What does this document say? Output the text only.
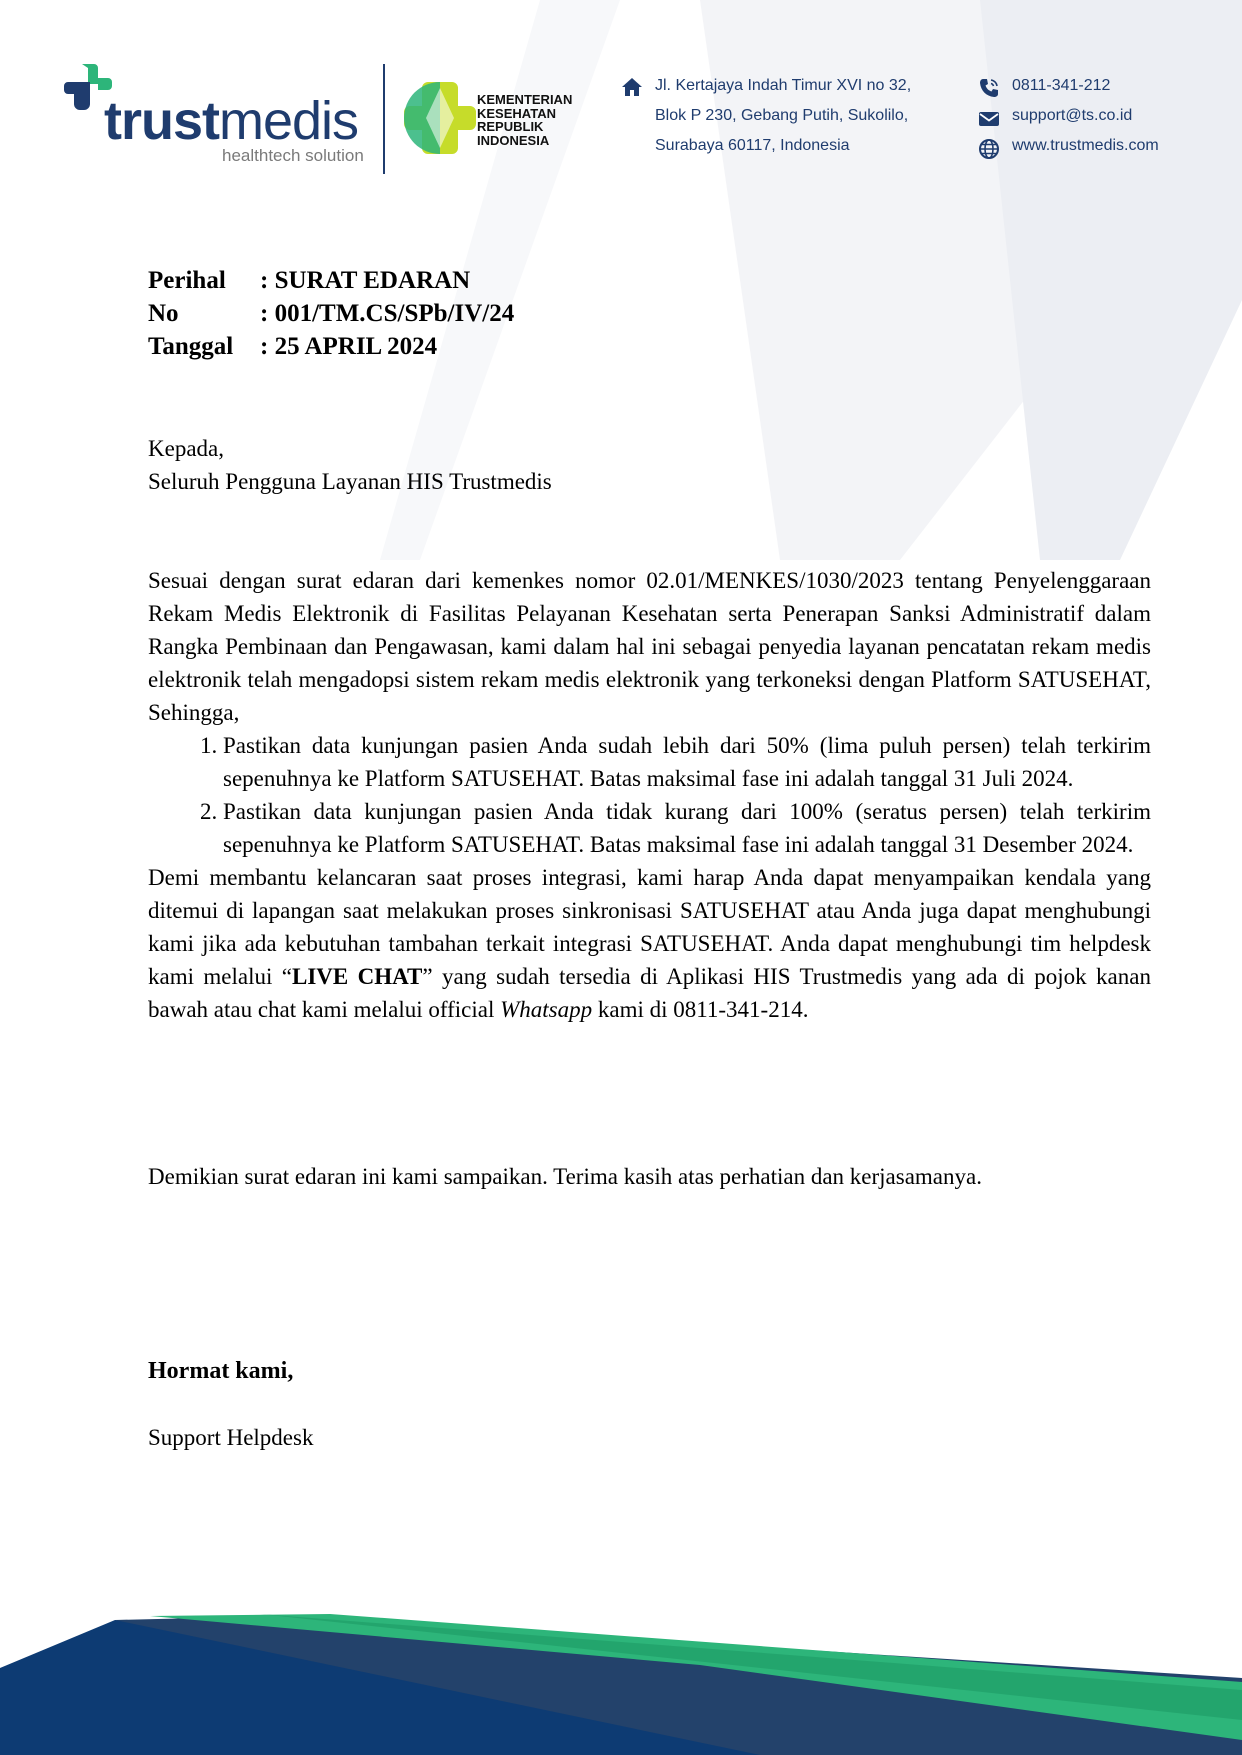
trustmedis
healthtech solution
KEMENTERIAN
KESEHATAN
REPUBLIK
INDONESIA
Jl. Kertajaya Indah Timur XVI no 32,
Blok P 230, Gebang Putih, Sukolilo,
Surabaya 60117, Indonesia
0811-341-212
support@ts.co.id
www.trustmedis.com
Perihal	: SURAT EDARAN
No	: 001/TM.CS/SPb/IV/24
Tanggal	: 25 APRIL 2024
Kepada,
Seluruh Pengguna Layanan HIS Trustmedis

Sesuai dengan surat edaran dari kemenkes nomor 02.01/MENKES/1030/2023 tentang Penyelenggaraan Rekam Medis Elektronik di Fasilitas Pelayanan Kesehatan serta Penerapan Sanksi Administratif dalam Rangka Pembinaan dan Pengawasan, kami dalam hal ini sebagai penyedia layanan pencatatan rekam medis elektronik telah mengadopsi sistem rekam medis elektronik yang terkoneksi dengan Platform SATUSEHAT, Sehingga,

1. Pastikan data kunjungan pasien Anda sudah lebih dari 50% (lima puluh persen) telah terkirim sepenuhnya ke Platform SATUSEHAT. Batas maksimal fase ini adalah tanggal 31 Juli 2024.
2. Pastikan data kunjungan pasien Anda tidak kurang dari 100% (seratus persen) telah terkirim sepenuhnya ke Platform SATUSEHAT. Batas maksimal fase ini adalah tanggal 31 Desember 2024.

Demi membantu kelancaran saat proses integrasi, kami harap Anda dapat menyampaikan kendala yang ditemui di lapangan saat melakukan proses sinkronisasi SATUSEHAT atau Anda juga dapat menghubungi kami jika ada kebutuhan tambahan terkait integrasi SATUSEHAT. Anda dapat menghubungi tim helpdesk kami melalui “LIVE CHAT” yang sudah tersedia di Aplikasi HIS Trustmedis yang ada di pojok kanan bawah atau chat kami melalui official Whatsapp kami di 0811-341-214.

Demikian surat edaran ini kami sampaikan. Terima kasih atas perhatian dan kerjasamanya.
Hormat kami,
Support Helpdesk
